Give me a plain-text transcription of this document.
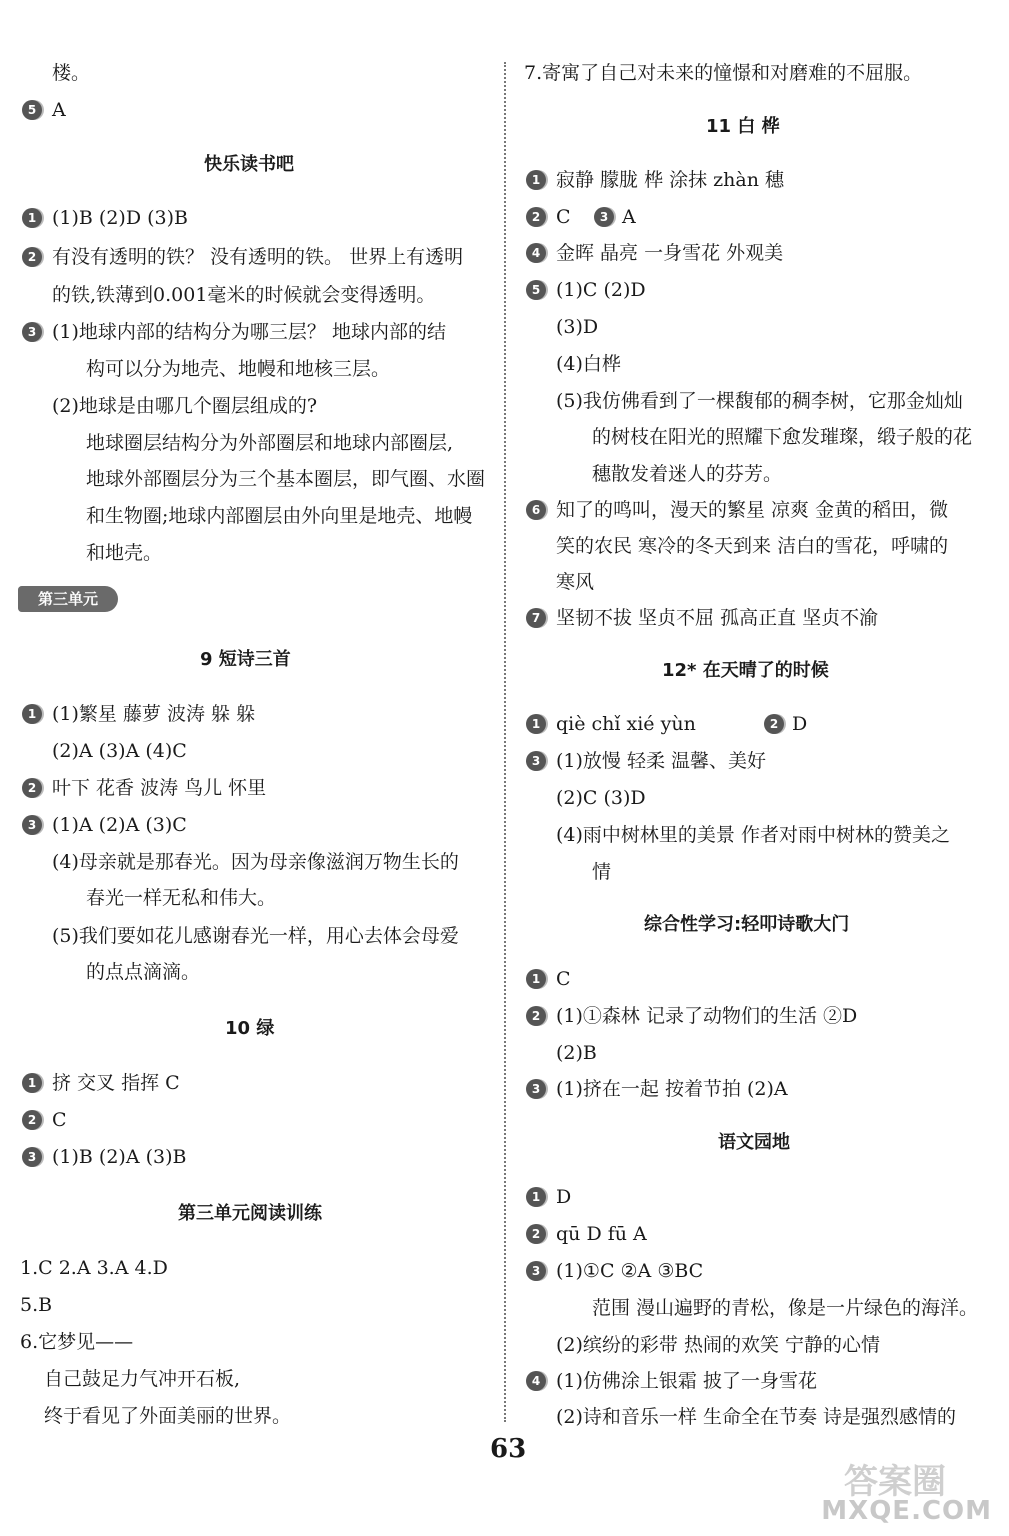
快乐读书吧
9 短诗三首
10 绿
第三单元阅读训练
楼。
5 A
1 (1)B (2)D (3)B
2 有没有透明的铁？ 没有透明的铁。 世界上有透明
的铁,铁薄到0.001毫米的时候就会变得透明。
3 (1)地球内部的结构分为哪三层？ 地球内部的结
构可以分为地壳、地幔和地核三层。
(2)地球是由哪几个圈层组成的?
地球圈层结构分为外部圈层和地球内部圈层,
地球外部圈层分为三个基本圈层，即气圈、水圈
和生物圈;地球内部圈层由外向里是地壳、地幔
和地壳。
1 (1)繁星 藤萝 波涛 躲 躲
(2)A (3)A (4)C
2 叶下 花香 波涛 鸟儿 怀里
3 (1)A (2)A (3)C
(4)母亲就是那春光。因为母亲像滋润万物生长的
春光一样无私和伟大。
(5)我们要如花儿感谢春光一样，用心去体会母爱
的点点滴滴。
1 挤 交叉 指挥 C
2 C
3 (1)B (2)A (3)B
1.C 2.A 3.A 4.D
5.B
6.它梦见——
自己鼓足力气冲开石板,
终于看见了外面美丽的世界。
11 白 桦
12* 在天晴了的时候
综合性学习:轻叩诗歌大门
语文园地
7.寄寓了自己对未来的憧憬和对磨难的不屈服。
1 寂静 朦胧 桦 涂抹 zhàn 穗
2 C	3 A
4 金晖 晶亮 一身雪花 外观美
5 (1)C (2)D
(3)D
(4)白桦
(5)我仿佛看到了一棵馥郁的稠李树，它那金灿灿
的树枝在阳光的照耀下愈发璀璨，缎子般的花
穗散发着迷人的芬芳。
6 知了的鸣叫，漫天的繁星 凉爽 金黄的稻田，微
笑的农民 寒冷的冬天到来 洁白的雪花，呼啸的
寒风
7 坚韧不拔 坚贞不屈 孤高正直 坚贞不渝
1 qiè chǐ xié yùn	2 D
3 (1)放慢 轻柔 温馨、美好
(2)C (3)D
(4)雨中树林里的美景 作者对雨中树林的赞美之
情
1 C
2 (1)①森林 记录了动物们的生活 ②D
(2)B
3 (1)挤在一起 按着节拍 (2)A
1 D
2 qū D fū A
3 (1)①C ②A ③BC
范围 漫山遍野的青松，像是一片绿色的海洋。
(2)缤纷的彩带 热闹的欢笑 宁静的心情
4 (1)仿佛涂上银霜 披了一身雪花
(2)诗和音乐一样 生命全在节奏 诗是强烈感情的
第三单元
63
答案圈
MXQE.COM
